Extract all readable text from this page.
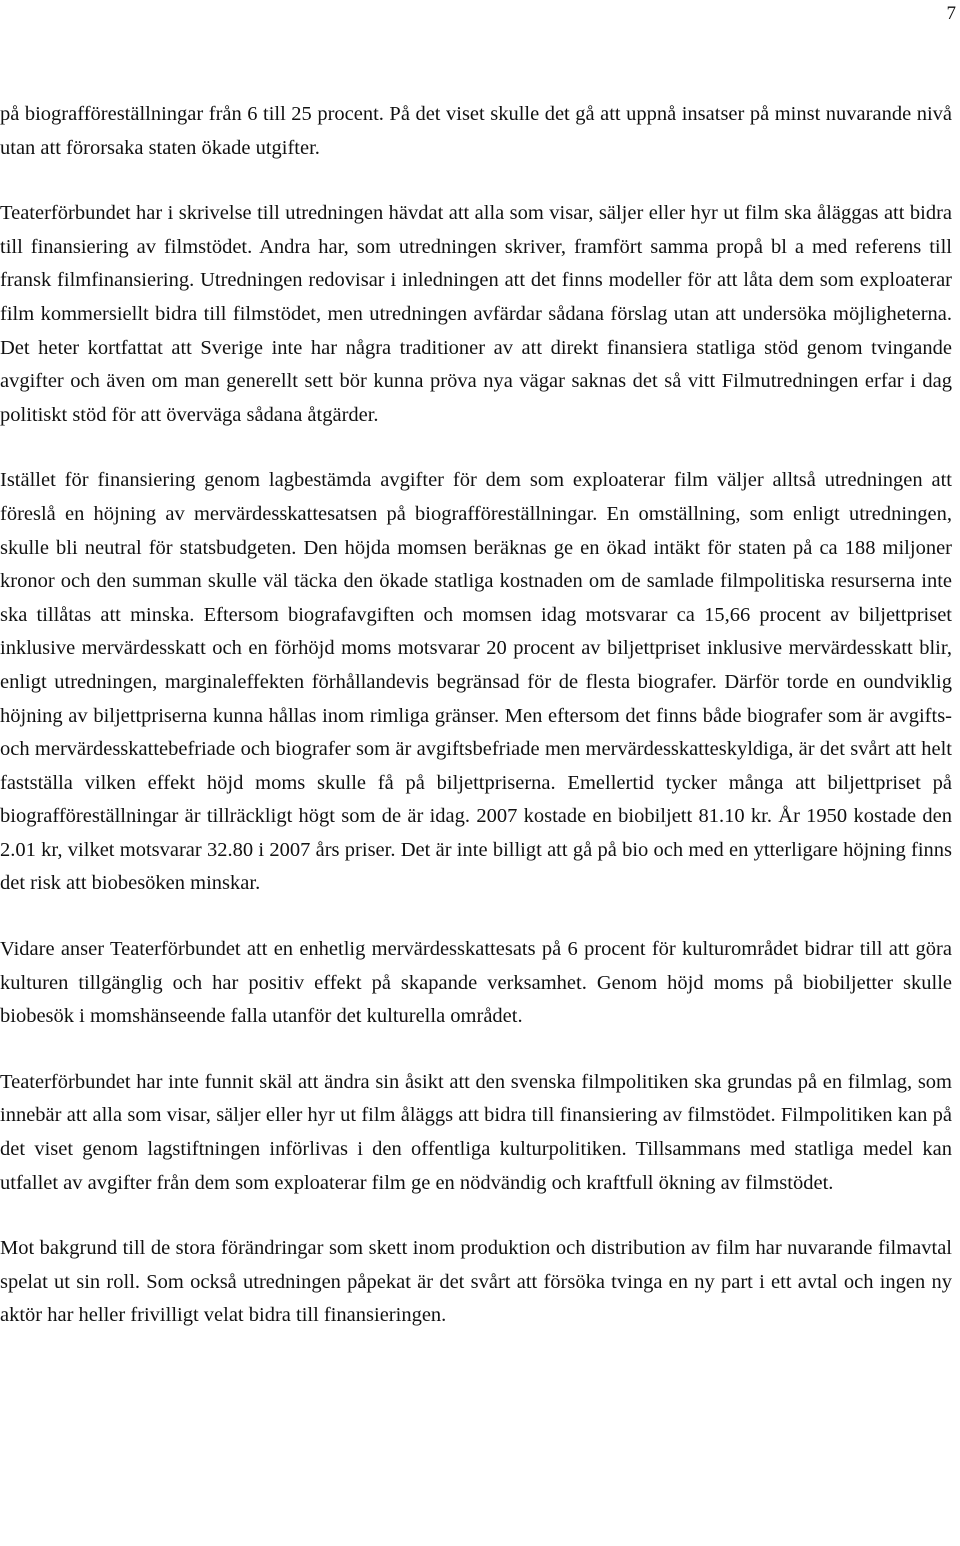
7

på biografföreställningar från 6 till 25 procent. På det viset skulle det gå att uppnå insatser på minst nuvarande nivå utan att förorsaka staten ökade utgifter.

Teaterförbundet har i skrivelse till utredningen hävdat att alla som visar, säljer eller hyr ut film ska åläggas att bidra till finansiering av filmstödet. Andra har, som utredningen skriver, framfört samma propå bl a med referens till fransk filmfinansiering. Utredningen redovisar i inledningen att det finns modeller för att låta dem som exploaterar film kommersiellt bidra till filmstödet, men utredningen avfärdar sådana förslag utan att undersöka möjligheterna. Det heter kortfattat att Sverige inte har några traditioner av att direkt finansiera statliga stöd genom tvingande avgifter och även om man generellt sett bör kunna pröva nya vägar saknas det så vitt Filmutredningen erfar i dag politiskt stöd för att överväga sådana åtgärder.

Istället för finansiering genom lagbestämda avgifter för dem som exploaterar film väljer alltså utredningen att föreslå en höjning av mervärdesskattesatsen på biografföreställningar. En omställning, som enligt utredningen, skulle bli neutral för statsbudgeten. Den höjda momsen beräknas ge en ökad intäkt för staten på ca 188 miljoner kronor och den summan skulle väl täcka den ökade statliga kostnaden om de samlade filmpolitiska resurserna inte ska tillåtas att minska. Eftersom biografavgiften och momsen idag motsvarar ca 15,66 procent av biljettpriset inklusive mervärdesskatt och en förhöjd moms motsvarar 20 procent av biljettpriset inklusive mervärdesskatt blir, enligt utredningen, marginaleffekten förhållandevis begränsad för de flesta biografer. Därför torde en oundviklig höjning av biljettpriserna kunna hållas inom rimliga gränser. Men eftersom det finns både biografer som är avgifts- och mervärdesskattebefriade och biografer som är avgiftsbefriade men mervärdesskatteskyldiga, är det svårt att helt fastställa vilken effekt höjd moms skulle få på biljettpriserna. Emellertid tycker många att biljettpriset på biografföreställningar är tillräckligt högt som de är idag. 2007 kostade en biobiljett 81.10 kr. År 1950 kostade den 2.01 kr, vilket motsvarar 32.80 i 2007 års priser. Det är inte billigt att gå på bio och med en ytterligare höjning finns det risk att biobesöken minskar.

Vidare anser Teaterförbundet att en enhetlig mervärdesskattesats på 6 procent för kulturområdet bidrar till att göra kulturen tillgänglig och har positiv effekt på skapande verksamhet. Genom höjd moms på biobiljetter skulle biobesök i momshänseende falla utanför det kulturella området.

Teaterförbundet har inte funnit skäl att ändra sin åsikt att den svenska filmpolitiken ska grundas på en filmlag, som innebär att alla som visar, säljer eller hyr ut film åläggs att bidra till finansiering av filmstödet. Filmpolitiken kan på det viset genom lagstiftningen införlivas i den offentliga kulturpolitiken. Tillsammans med statliga medel kan utfallet av avgifter från dem som exploaterar film ge en nödvändig och kraftfull ökning av filmstödet.

Mot bakgrund till de stora förändringar som skett inom produktion och distribution av film har nuvarande filmavtal spelat ut sin roll. Som också utredningen påpekat är det svårt att försöka tvinga en ny part i ett avtal och ingen ny aktör har heller frivilligt velat bidra till finansieringen.
